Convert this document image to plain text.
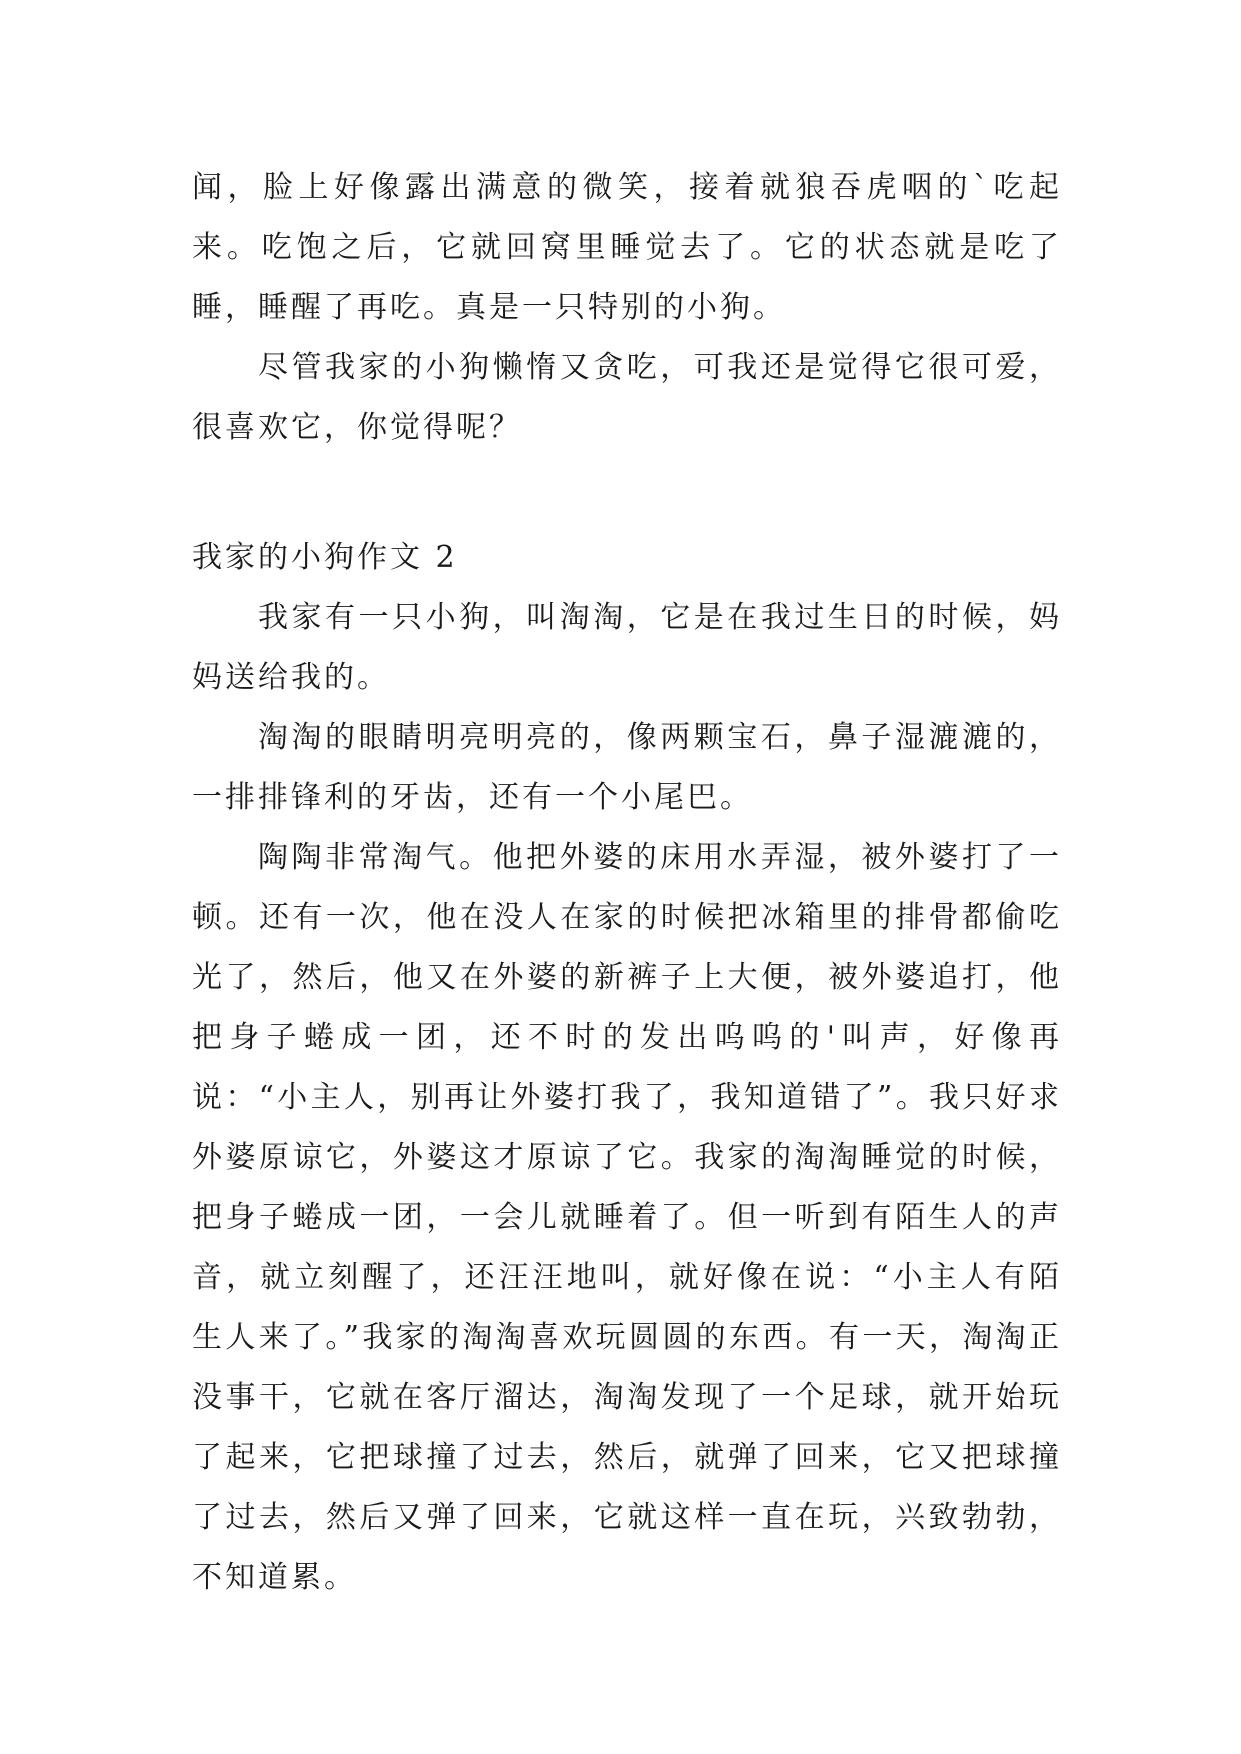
闻，脸上好像露出满意的微笑，接着就狼吞虎咽的`吃起来。吃饱之后，它就回窝里睡觉去了。它的状态就是吃了睡，睡醒了再吃。真是一只特别的小狗。

尽管我家的小狗懒惰又贪吃，可我还是觉得它很可爱，很喜欢它，你觉得呢？

我家的小狗作文 2

我家有一只小狗，叫淘淘，它是在我过生日的时候，妈妈送给我的。

淘淘的眼睛明亮明亮的，像两颗宝石，鼻子湿漉漉的，一排排锋利的牙齿，还有一个小尾巴。

陶陶非常淘气。他把外婆的床用水弄湿，被外婆打了一顿。还有一次，他在没人在家的时候把冰箱里的排骨都偷吃光了，然后，他又在外婆的新裤子上大便，被外婆追打，他把身子蜷成一团，还不时的发出呜呜的'叫声，好像再说：“小主人，别再让外婆打我了，我知道错了”。我只好求外婆原谅它，外婆这才原谅了它。我家的淘淘睡觉的时候，把身子蜷成一团，一会儿就睡着了。但一听到有陌生人的声音，就立刻醒了，还汪汪地叫，就好像在说：“小主人有陌生人来了。”我家的淘淘喜欢玩圆圆的东西。有一天，淘淘正没事干，它就在客厅溜达，淘淘发现了一个足球，就开始玩了起来，它把球撞了过去，然后，就弹了回来，它又把球撞了过去，然后又弹了回来，它就这样一直在玩，兴致勃勃，不知道累。
